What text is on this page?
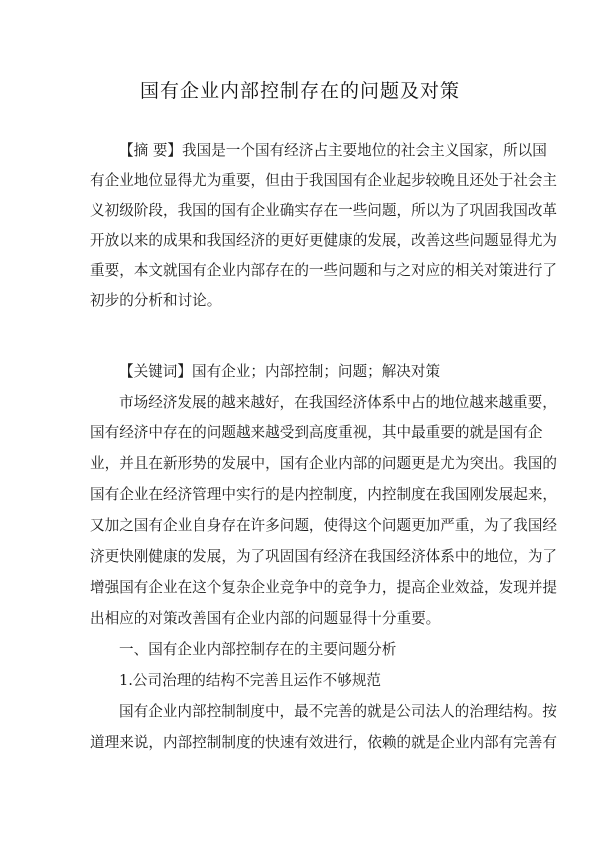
国有企业内部控制存在的问题及对策
【摘 要】我国是一个国有经济占主要地位的社会主义国家，所以国
有企业地位显得尤为重要，但由于我国国有企业起步较晚且还处于社会主
义初级阶段，我国的国有企业确实存在一些问题，所以为了巩固我国改革
开放以来的成果和我国经济的更好更健康的发展，改善这些问题显得尤为
重要，本文就国有企业内部存在的一些问题和与之对应的相关对策进行了
初步的分析和讨论。
【关键词】国有企业；内部控制；问题；解决对策
市场经济发展的越来越好，在我国经济体系中占的地位越来越重要，
国有经济中存在的问题越来越受到高度重视，其中最重要的就是国有企
业，并且在新形势的发展中，国有企业内部的问题更是尤为突出。我国的
国有企业在经济管理中实行的是内控制度，内控制度在我国刚发展起来，
又加之国有企业自身存在许多问题，使得这个问题更加严重，为了我国经
济更快刚健康的发展，为了巩固国有经济在我国经济体系中的地位，为了
增强国有企业在这个复杂企业竞争中的竞争力，提高企业效益，发现并提
出相应的对策改善国有企业内部的问题显得十分重要。
一、国有企业内部控制存在的主要问题分析
1.公司治理的结构不完善且运作不够规范
国有企业内部控制制度中，最不完善的就是公司法人的治理结构。按
道理来说，内部控制制度的快速有效进行，依赖的就是企业内部有完善有
